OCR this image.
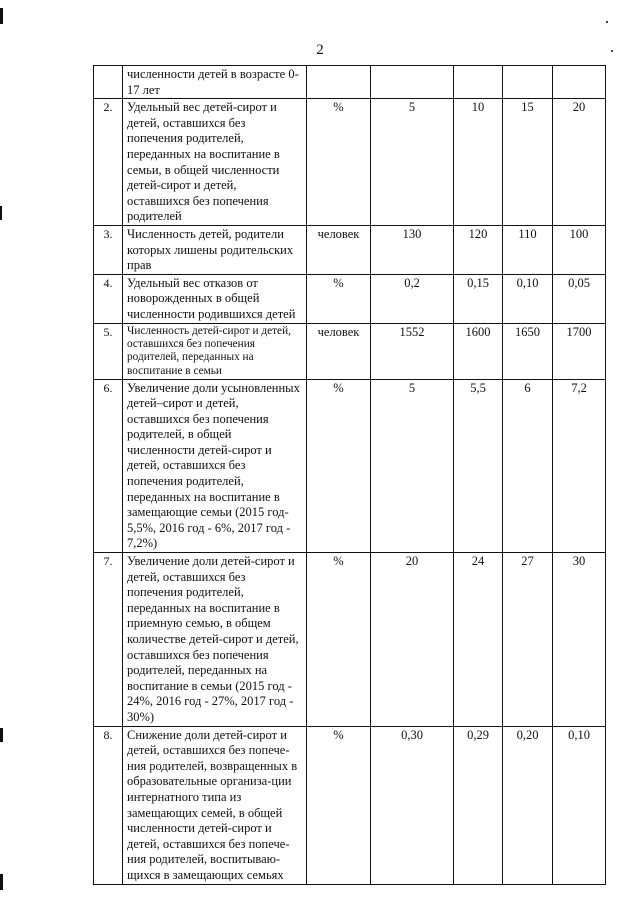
2
	численности детей в возрасте 0-17 лет					
2.	Удельный вес детей-сирот и детей, оставшихся без попечения родителей, переданных на воспитание в семьи, в общей численности детей-сирот и детей, оставшихся без попечения родителей	%	5	10	15	20
3.	Численность детей, родители которых лишены родительских прав	человек	130	120	110	100
4.	Удельный вес отказов от новорожденных в общей численности родившихся детей	%	0,2	0,15	0,10	0,05
5.	Численность детей-сирот и детей, оставшихся без попечения родителей, переданных на воспитание в семьи	человек	1552	1600	1650	1700
6.	Увеличение доли усыновленных детей–сирот и детей, оставшихся без попечения родителей, в общей численности детей-сирот и детей, оставшихся без попечения родителей, переданных на воспитание в замещающие семьи (2015 год- 5,5%, 2016 год - 6%, 2017 год - 7,2%)	%	5	5,5	6	7,2
7.	Увеличение доли детей-сирот и детей, оставшихся без попечения родителей, переданных на воспитание в приемную семью, в общем количестве детей-сирот и детей, оставшихся без попечения родителей, переданных на воспитание в семьи (2015 год - 24%, 2016 год - 27%, 2017 год - 30%)	%	20	24	27	30
8.	Снижение доли детей-сирот и детей, оставшихся без попече-ния родителей, возвращенных в образовательные организа-ции интернатного типа из замещающих семей, в общей численности детей-сирот и детей, оставшихся без попече-ния родителей, воспитываю-щихся в замещающих семьях	%	0,30	0,29	0,20	0,10
